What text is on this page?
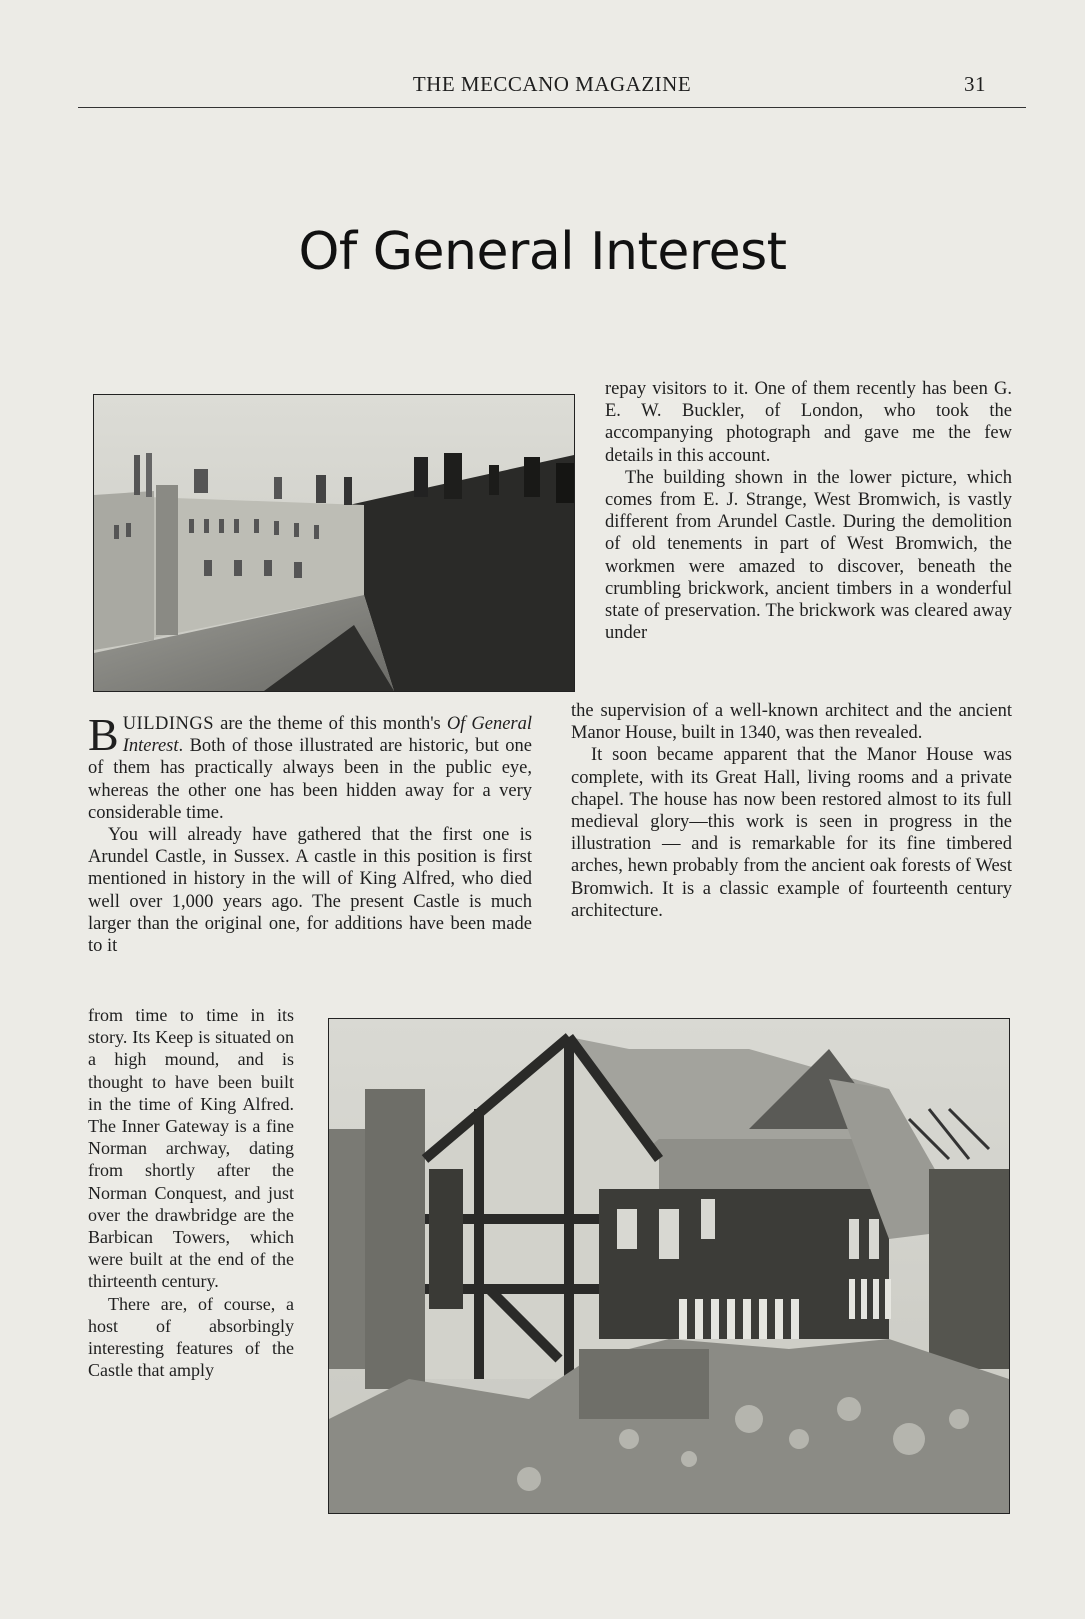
THE MECCANO MAGAZINE	31
Of General Interest

BUILDINGS are the theme of this month's Of General Interest. Both of those illustrated are historic, but one of them has practically always been in the public eye, whereas the other one has been hidden away for a very considerable time.

You will already have gathered that the first one is Arundel Castle, in Sussex. A castle in this position is first mentioned in history in the will of King Alfred, who died well over 1,000 years ago. The present Castle is much larger than the original one, for additions have been made to it

from time to time in its story. Its Keep is situated on a high mound, and is thought to have been built in the time of King Alfred. The Inner Gateway is a fine Norman archway, dating from shortly after the Norman Conquest, and just over the drawbridge are the Barbican Towers, which were built at the end of the thirteenth century.

There are, of course, a host of absorbingly interesting features of the Castle that amply

repay visitors to it. One of them recently has been G. E. W. Buckler, of London, who took the accompanying photograph and gave me the few details in this account.

The building shown in the lower picture, which comes from E. J. Strange, West Bromwich, is vastly different from Arundel Castle. During the demolition of old tenements in part of West Bromwich, the workmen were amazed to discover, beneath the crumbling brickwork, ancient timbers in a wonderful state of preservation. The brickwork was cleared away under

the supervision of a well-known architect and the ancient Manor House, built in 1340, was then revealed.

It soon became apparent that the Manor House was complete, with its Great Hall, living rooms and a private chapel. The house has now been restored almost to its full medieval glory—this work is seen in progress in the illustration — and is remarkable for its fine timbered arches, hewn probably from the ancient oak forests of West Bromwich. It is a classic example of fourteenth century architecture.
